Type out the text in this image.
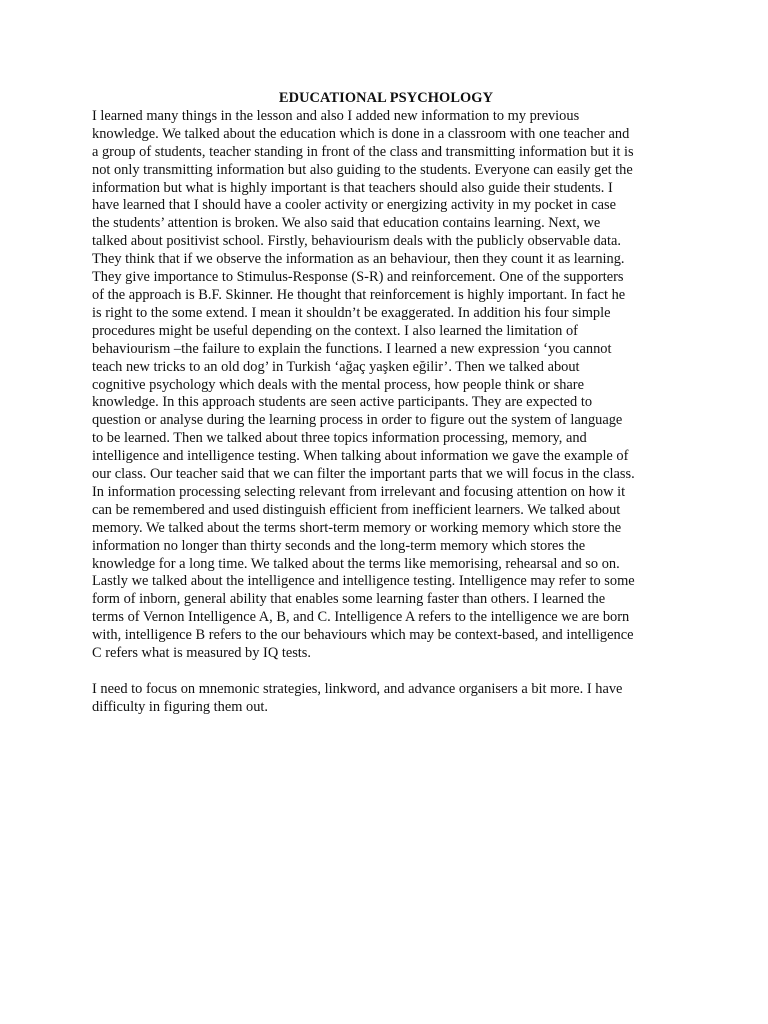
EDUCATIONAL PSYCHOLOGY
I learned many things in the lesson and also I added new information to my previous
knowledge. We talked about the education which is done in a classroom with one teacher and
a group of students, teacher standing in front of the class and transmitting information but it is
not only transmitting information but also guiding to the students. Everyone can easily get the
information but what is highly important is that teachers should also guide their students. I
have learned that I should have a cooler activity or energizing activity in my pocket in case
the students’ attention is broken. We also said that education contains learning. Next, we
talked about positivist school. Firstly, behaviourism deals with the publicly observable data.
They think that if we observe the information as an behaviour, then they count it as learning.
They give importance to Stimulus-Response (S-R) and reinforcement. One of the supporters
of the approach is B.F. Skinner. He thought that reinforcement is highly important. In fact he
is right to the some extend. I mean it shouldn’t be exaggerated. In addition his four simple
procedures might be useful depending on the context. I also learned the limitation of
behaviourism –the failure to explain the functions. I learned a new expression ‘you cannot
teach new tricks to an old dog’ in Turkish ‘ağaç yaşken eğilir’. Then we talked about
cognitive psychology which deals with the mental process, how people think or share
knowledge. In this approach students are seen active participants. They are expected to
question or analyse during the learning process in order to figure out the system of language
to be learned. Then we talked about three topics information processing, memory, and
intelligence and intelligence testing. When talking about information we gave the example of
our class. Our teacher said that we can filter the important parts that we will focus in the class.
In information processing selecting relevant from irrelevant and focusing attention on how it
can be remembered and used distinguish efficient from inefficient learners. We talked about
memory. We talked about the terms short-term memory or working memory which store the
information no longer than thirty seconds and the long-term memory which stores the
knowledge for a long time. We talked about the terms like memorising, rehearsal and so on.
Lastly we talked about the intelligence and intelligence testing. Intelligence may refer to some
form of inborn, general ability that enables some learning faster than others. I learned the
terms of Vernon Intelligence A, B, and C. Intelligence A refers to the intelligence we are born
with, intelligence B refers to the our behaviours which may be context-based, and intelligence
C refers what is measured by IQ tests.
I need to focus on mnemonic strategies, linkword, and advance organisers a bit more. I have
difficulty in figuring them out.
